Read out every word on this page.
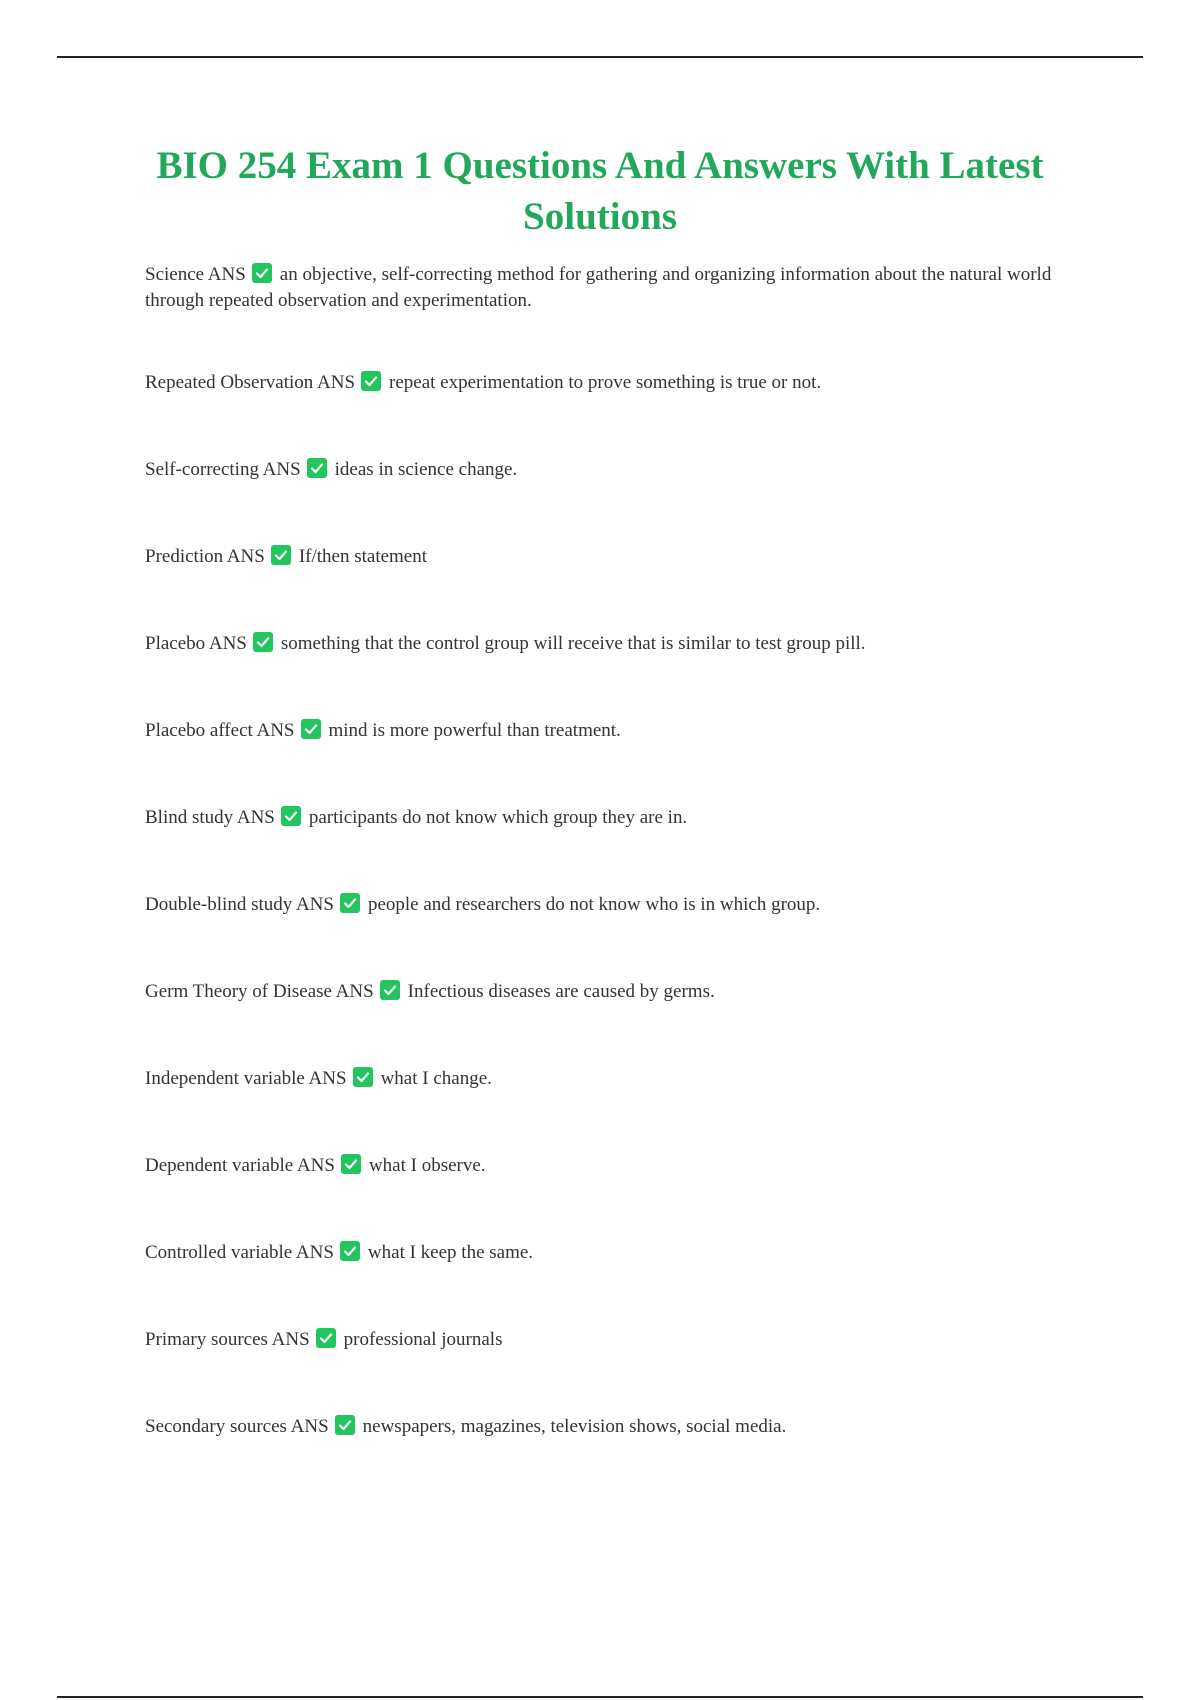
BIO 254 Exam 1 Questions And Answers With Latest Solutions

Science ANS an objective, self-correcting method for gathering and organizing information about the natural world through repeated observation and experimentation.

Repeated Observation ANS repeat experimentation to prove something is true or not.

Self-correcting ANS ideas in science change.

Prediction ANS If/then statement

Placebo ANS something that the control group will receive that is similar to test group pill.

Placebo affect ANS mind is more powerful than treatment.

Blind study ANS participants do not know which group they are in.

Double-blind study ANS people and researchers do not know who is in which group.

Germ Theory of Disease ANS Infectious diseases are caused by germs.

Independent variable ANS what I change.

Dependent variable ANS what I observe.

Controlled variable ANS what I keep the same.

Primary sources ANS professional journals

Secondary sources ANS newspapers, magazines, television shows, social media.
